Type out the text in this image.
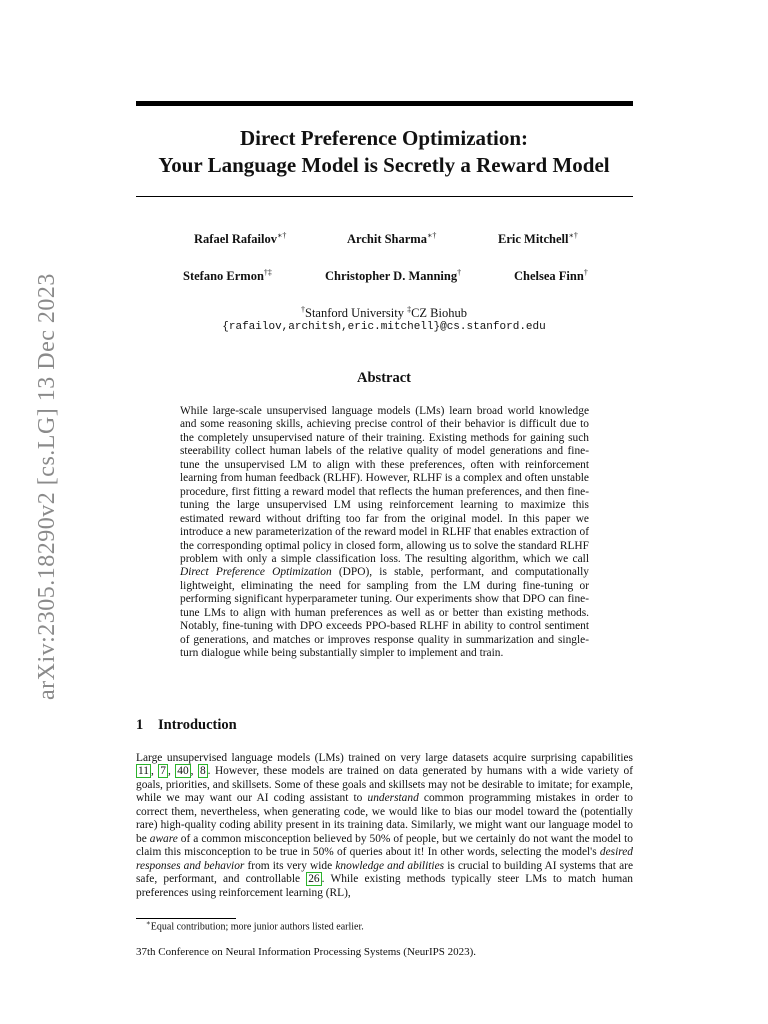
arXiv:2305.18290v2 [cs.LG] 13 Dec 2023
Direct Preference Optimization:
Your Language Model is Secretly a Reward Model
Rafael Rafailov∗†	Archit Sharma∗†	Eric Mitchell∗†
Stefano Ermon†‡	Christopher D. Manning†	Chelsea Finn†
†Stanford University ‡CZ Biohub
{rafailov,architsh,eric.mitchell}@cs.stanford.edu
Abstract

While large-scale unsupervised language models (LMs) learn broad world knowledge and some reasoning skills, achieving precise control of their behavior is difficult due to the completely unsupervised nature of their training. Existing methods for gaining such steerability collect human labels of the relative quality of model generations and fine-tune the unsupervised LM to align with these preferences, often with reinforcement learning from human feedback (RLHF). However, RLHF is a complex and often unstable procedure, first fitting a reward model that reflects the human preferences, and then fine-tuning the large unsupervised LM using reinforcement learning to maximize this estimated reward without drifting too far from the original model. In this paper we introduce a new parameterization of the reward model in RLHF that enables extraction of the corresponding optimal policy in closed form, allowing us to solve the standard RLHF problem with only a simple classification loss. The resulting algorithm, which we call Direct Preference Optimization (DPO), is stable, performant, and computationally lightweight, eliminating the need for sampling from the LM during fine-tuning or performing significant hyperparameter tuning. Our experiments show that DPO can fine-tune LMs to align with human preferences as well as or better than existing methods. Notably, fine-tuning with DPO exceeds PPO-based RLHF in ability to control sentiment of generations, and matches or improves response quality in summarization and single-turn dialogue while being substantially simpler to implement and train.

1 Introduction

Large unsupervised language models (LMs) trained on very large datasets acquire surprising capabilities 11 , 7 , 40 , 8 . However, these models are trained on data generated by humans with a wide variety of goals, priorities, and skillsets. Some of these goals and skillsets may not be desirable to imitate; for example, while we may want our AI coding assistant to understand common programming mistakes in order to correct them, nevertheless, when generating code, we would like to bias our model toward the (potentially rare) high-quality coding ability present in its training data. Similarly, we might want our language model to be aware of a common misconception believed by 50% of people, but we certainly do not want the model to claim this misconception to be true in 50% of queries about it! In other words, selecting the model's desired responses and behavior from its very wide knowledge and abilities is crucial to building AI systems that are safe, performant, and controllable 26 . While existing methods typically steer LMs to match human preferences using reinforcement learning (RL),

∗Equal contribution; more junior authors listed earlier.
37th Conference on Neural Information Processing Systems (NeurIPS 2023).
